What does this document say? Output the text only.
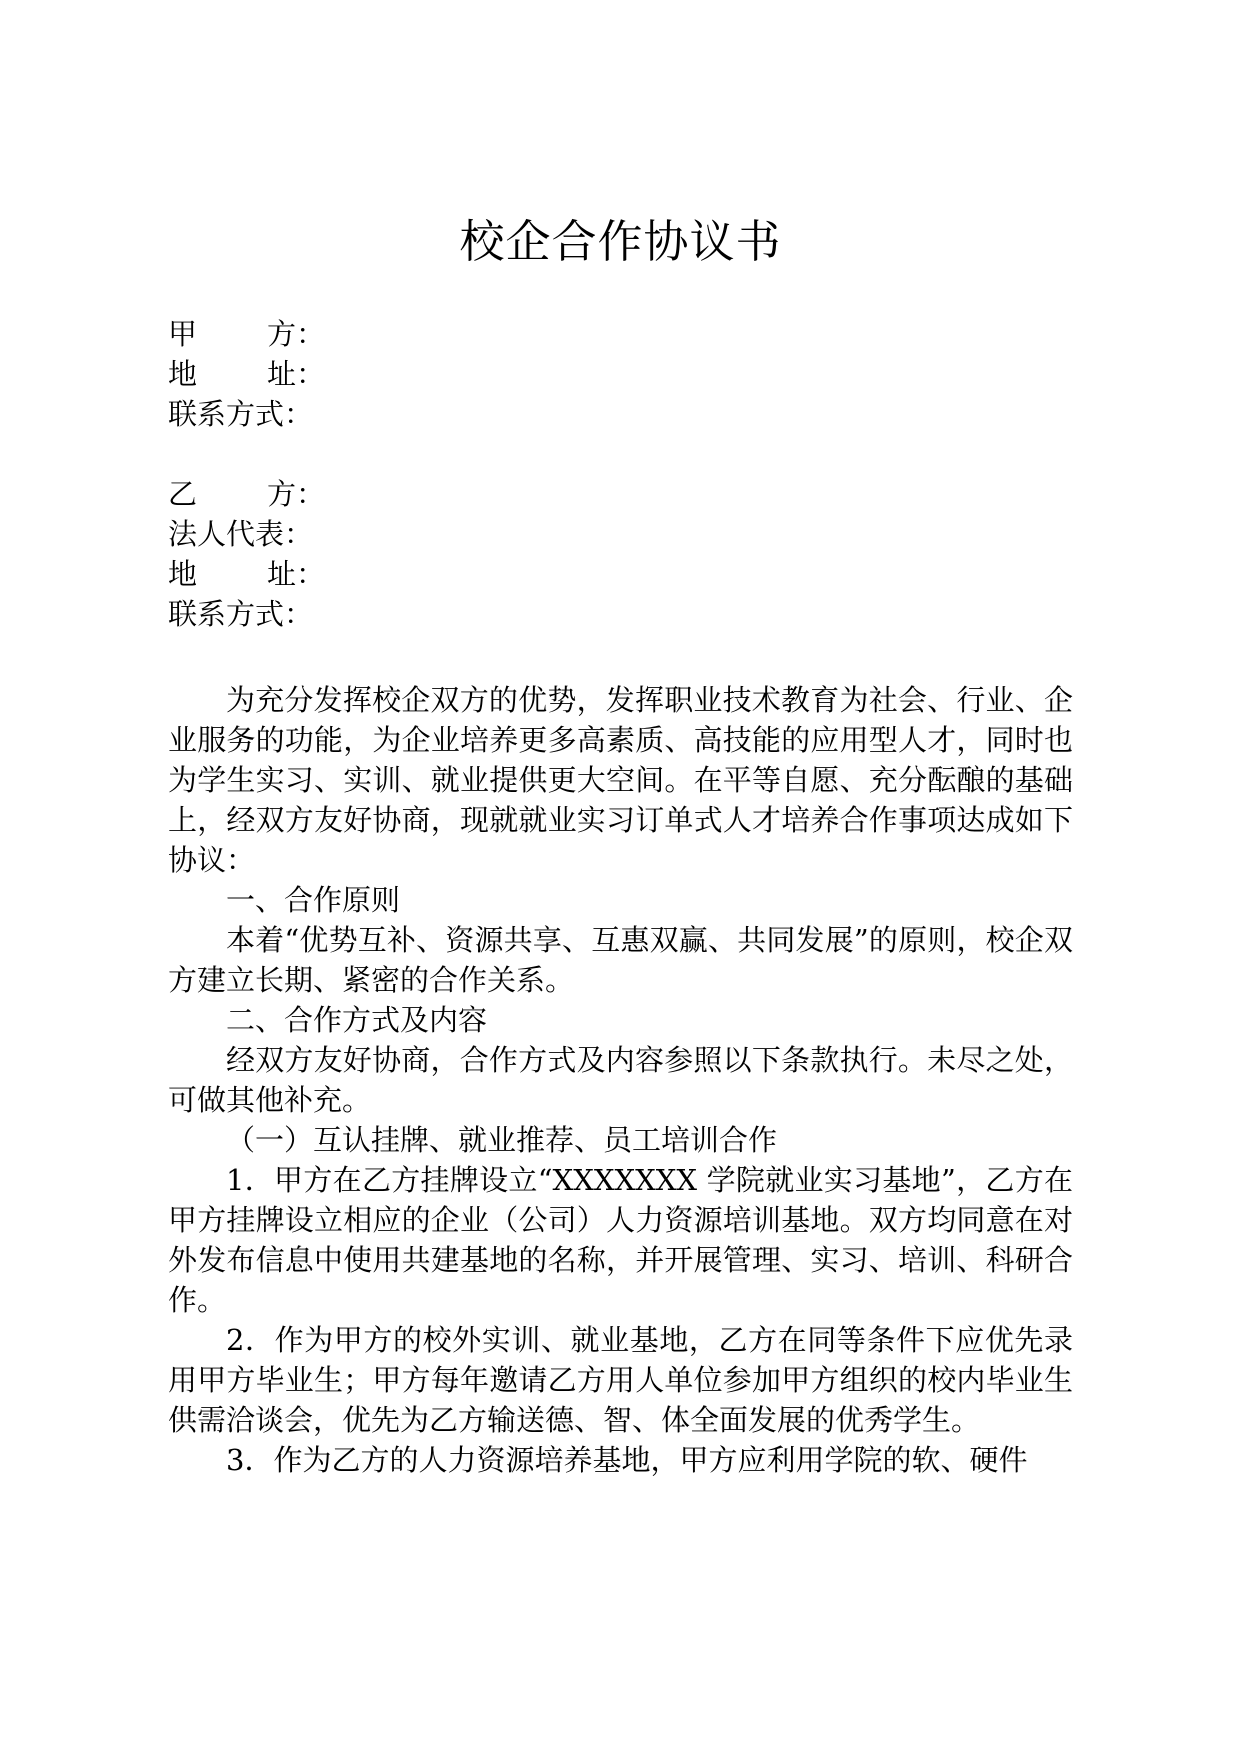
校企合作协议书
甲 方 ：
地 址 ：
联系方式：
乙 方 ：
法人代表：
地 址 ：
联系方式：

为充分发挥校企双方的优势，发挥职业技术教育为社会、行业、企业服务的功能，为企业培养更多高素质、高技能的应用型人才，同时也为学生实习、实训、就业提供更大空间。在平等自愿、充分酝酿的基础上，经双方友好协商，现就就业实习订单式人才培养合作事项达成如下协议：

一、合作原则

本着“优势互补、资源共享、互惠双赢、共同发展”的原则，校企双方建立长期、紧密的合作关系。

二、合作方式及内容

经双方友好协商，合作方式及内容参照以下条款执行。未尽之处，可做其他补充。

（一）互认挂牌、就业推荐、员工培训合作

1．甲方在乙方挂牌设立“XXXXXXX 学院就业实习基地”，乙方在甲方挂牌设立相应的企业（公司）人力资源培训基地。双方均同意在对外发布信息中使用共建基地的名称，并开展管理、实习、培训、科研合作。

2．作为甲方的校外实训、就业基地，乙方在同等条件下应优先录用甲方毕业生；甲方每年邀请乙方用人单位参加甲方组织的校内毕业生供需洽谈会，优先为乙方输送德、智、体全面发展的优秀学生。

3．作为乙方的人力资源培养基地，甲方应利用学院的软、硬件
